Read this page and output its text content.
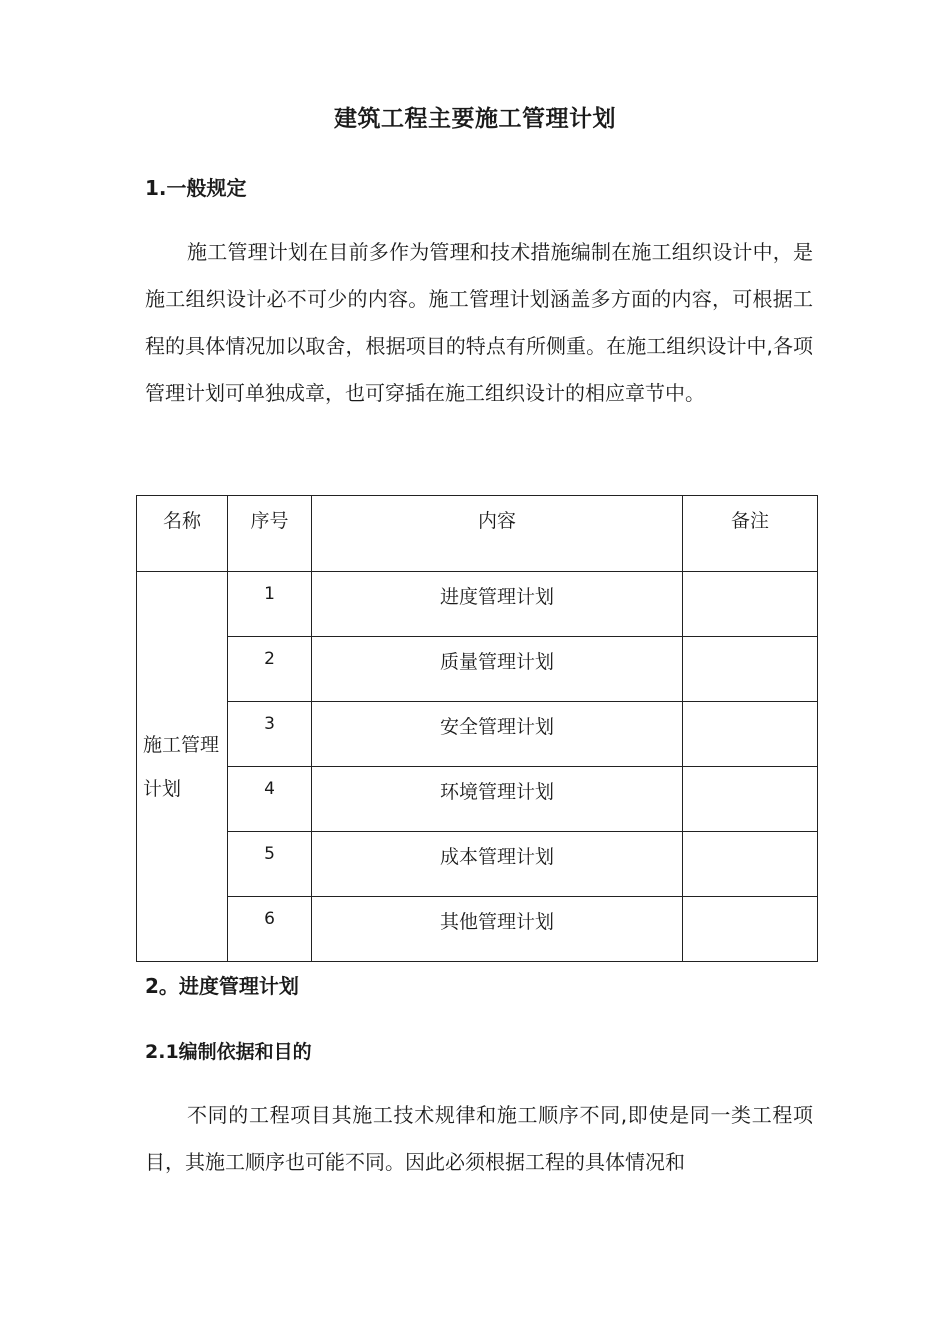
建筑工程主要施工管理计划
1.一般规定

施工管理计划在目前多作为管理和技术措施编制在施工组织设计中，是施工组织设计必不可少的内容。施工管理计划涵盖多方面的内容，可根据工程的具体情况加以取舍，根据项目的特点有所侧重。在施工组织设计中,各项管理计划可单独成章，也可穿插在施工组织设计的相应章节中。

名称	序号	内容	备注
施工管理计划	1	进度管理计划	
	2	质量管理计划	
	3	安全管理计划	
	4	环境管理计划	
	5	成本管理计划	
	6	其他管理计划	
2。进度管理计划
2.1编制依据和目的

不同的工程项目其施工技术规律和施工顺序不同,即使是同一类工程项目，其施工顺序也可能不同。因此必须根据工程的具体情况和
